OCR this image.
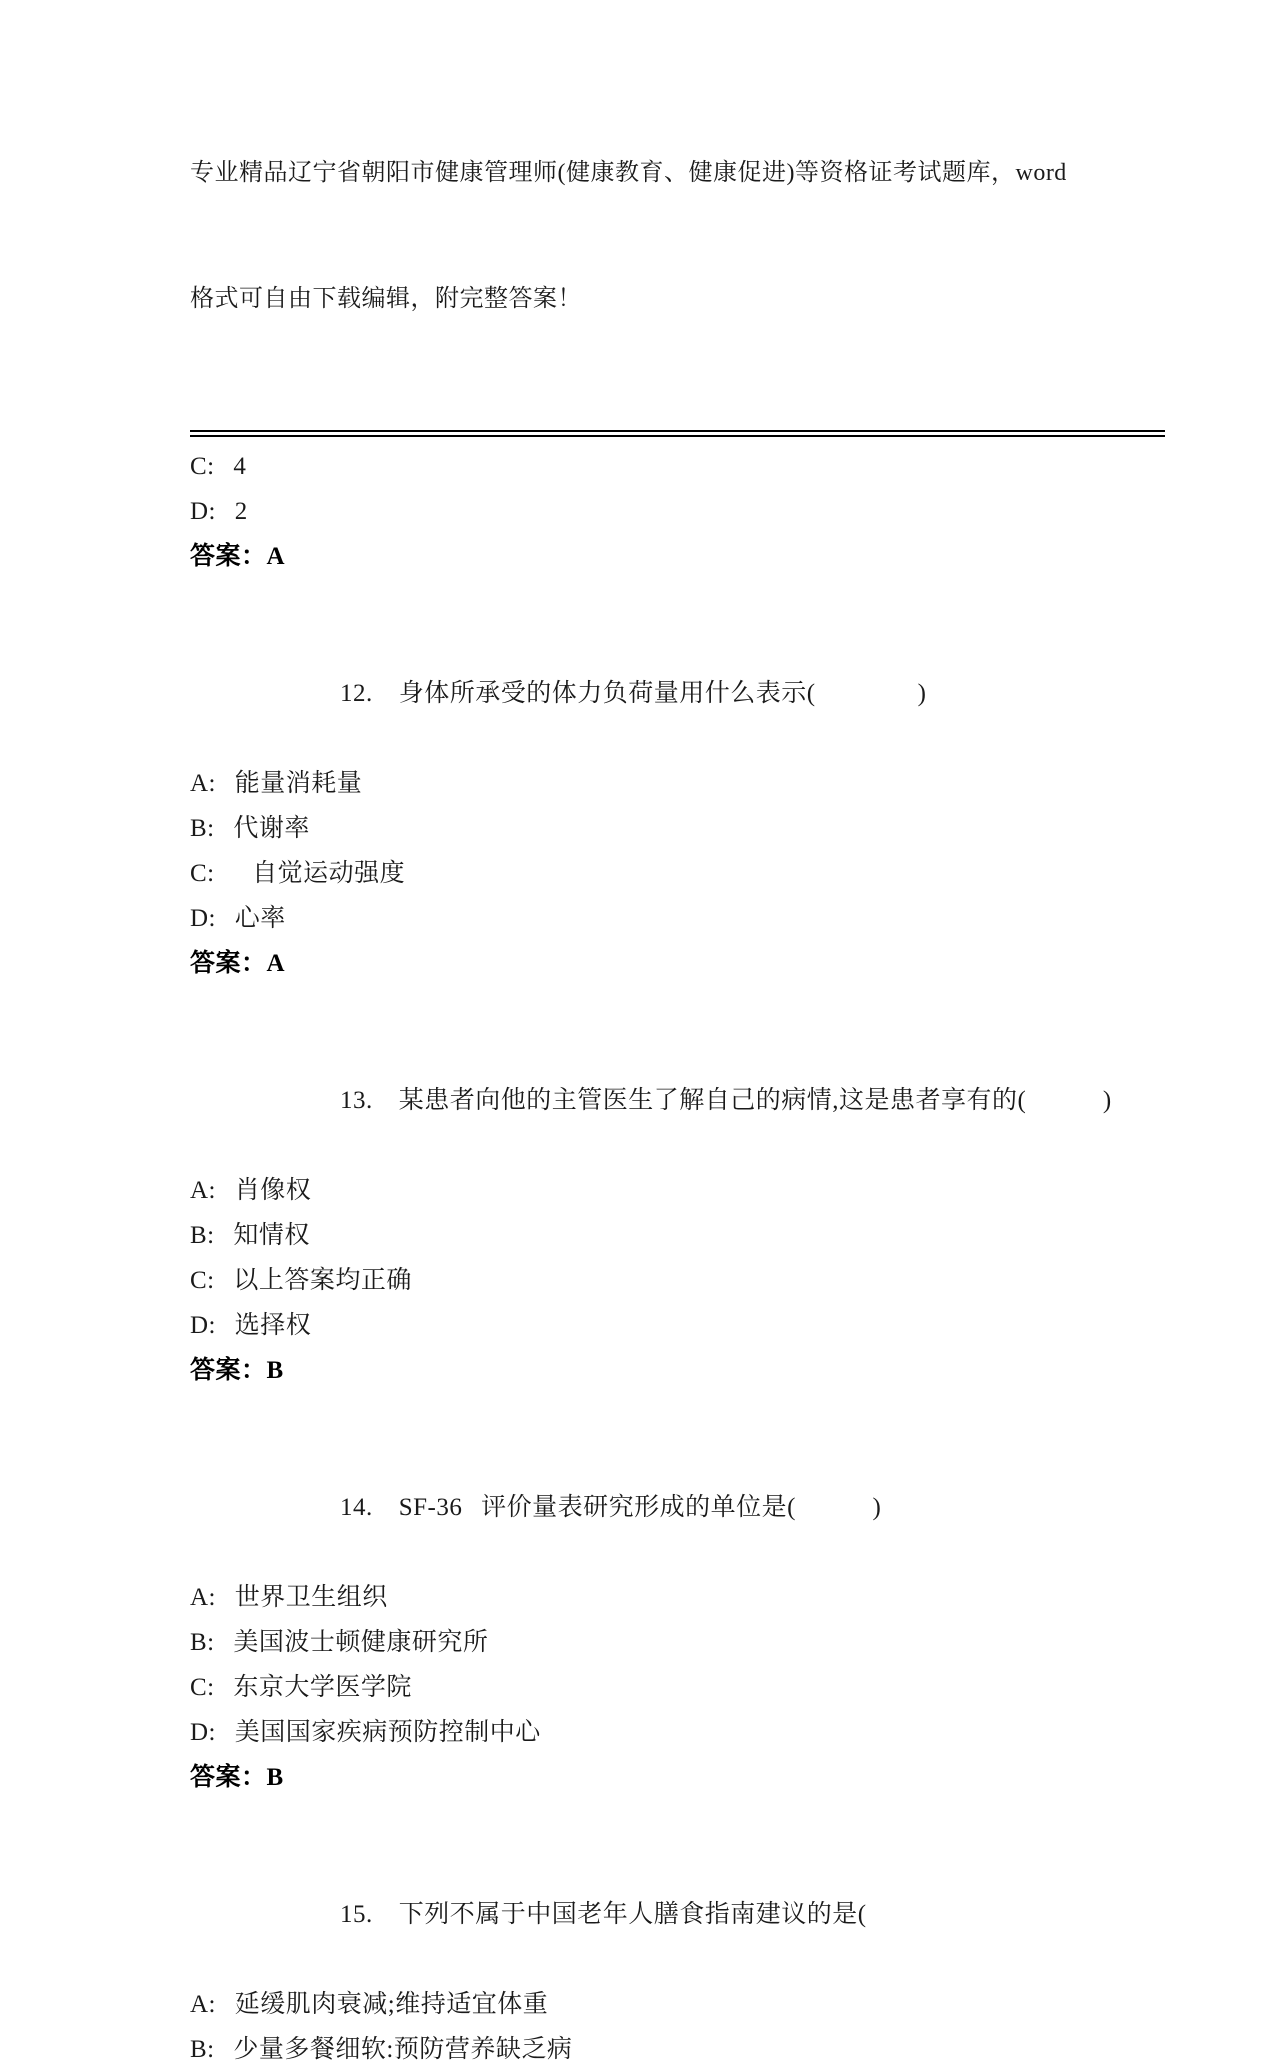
专业精品辽宁省朝阳市健康管理师(健康教育、健康促进)等资格证考试题库，word

格式可自由下载编辑，附完整答案！

C: 4
D: 2
答案：A

12. 身体所承受的体力负荷量用什么表示(　　　　)

A: 能量消耗量
B: 代谢率
C:  自觉运动强度
D: 心率
答案：A

13. 某患者向他的主管医生了解自己的病情,这是患者享有的(　　　)

A: 肖像权
B: 知情权
C: 以上答案均正确
D: 选择权
答案：B

14. SF-36 评价量表研究形成的单位是(　　　)

A: 世界卫生组织
B: 美国波士顿健康研究所
C: 东京大学医学院
D: 美国国家疾病预防控制中心
答案：B

15. 下列不属于中国老年人膳食指南建议的是(

A: 延缓肌肉衰减;维持适宜体重
B: 少量多餐细软:预防营养缺乏病
